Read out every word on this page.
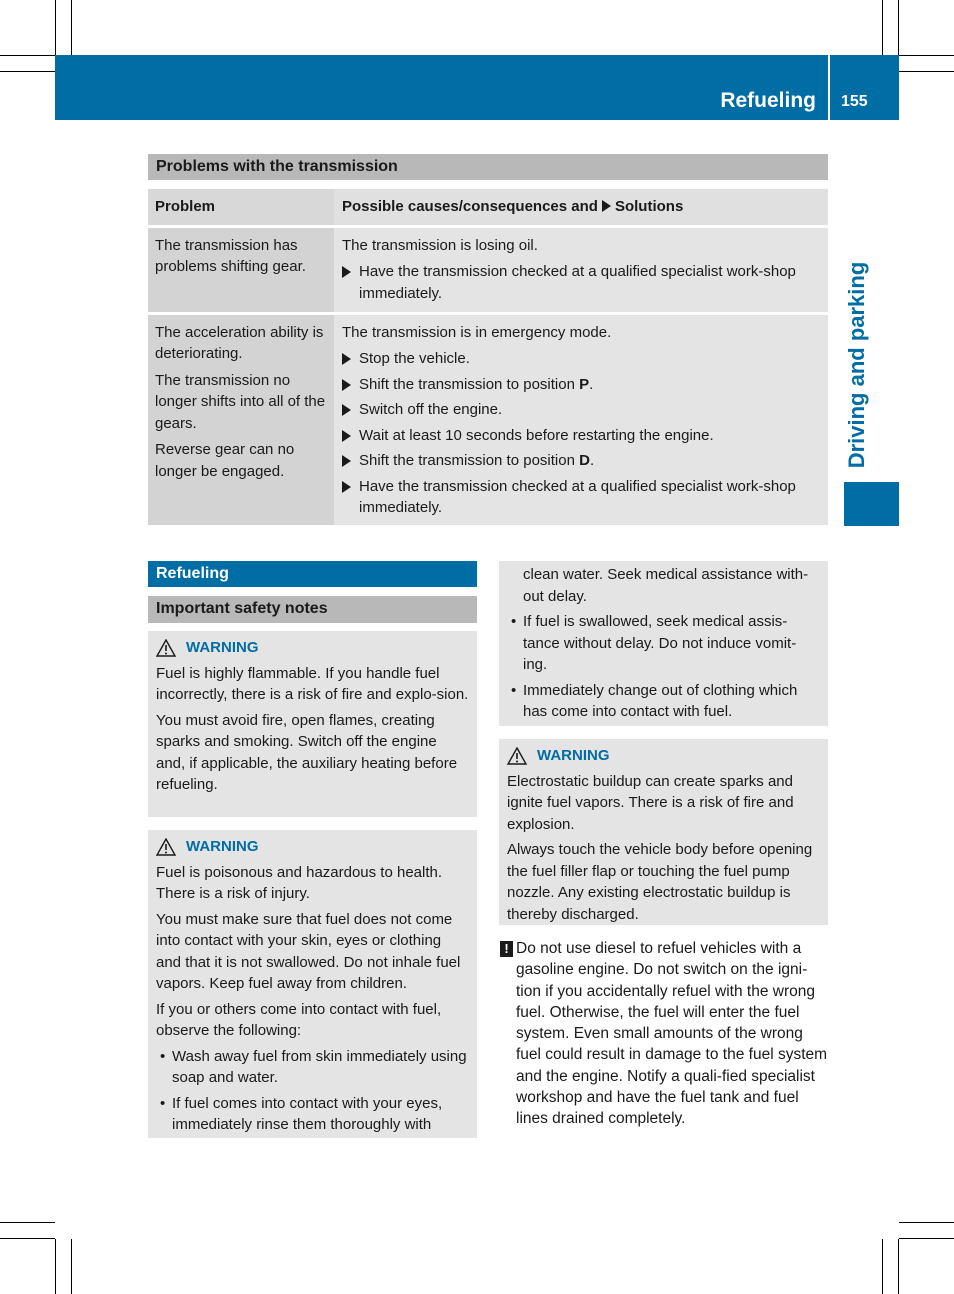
Refueling 155
Driving and parking
Problems with the transmission
Problem	Possible causes/consequences and Solutions

The transmission has problems shifting gear.

The transmission is losing oil.

Have the transmission checked at a qualified specialist work-shop immediately.

The acceleration ability is deteriorating.

The transmission no longer shifts into all of the gears.

Reverse gear can no longer be engaged.

The transmission is in emergency mode.

Stop the vehicle.
Shift the transmission to position P.
Switch off the engine.
Wait at least 10 seconds before restarting the engine.
Shift the transmission to position D.
Have the transmission checked at a qualified specialist work-shop immediately.
Refueling
Important safety notes
WARNING

Fuel is highly flammable. If you handle fuel incorrectly, there is a risk of fire and explo-sion.

You must avoid fire, open flames, creating sparks and smoking. Switch off the engine and, if applicable, the auxiliary heating before refueling.

WARNING

Fuel is poisonous and hazardous to health. There is a risk of injury.

You must make sure that fuel does not come into contact with your skin, eyes or clothing and that it is not swallowed. Do not inhale fuel vapors. Keep fuel away from children.

If you or others come into contact with fuel, observe the following:

• Wash away fuel from skin immediately using soap and water.
• If fuel comes into contact with your eyes, immediately rinse them thoroughly with
clean water. Seek medical assistance with-out delay.
• If fuel is swallowed, seek medical assis-tance without delay. Do not induce vomit-ing.
• Immediately change out of clothing which has come into contact with fuel.
WARNING

Electrostatic buildup can create sparks and ignite fuel vapors. There is a risk of fire and explosion.

Always touch the vehicle body before opening the fuel filler flap or touching the fuel pump nozzle. Any existing electrostatic buildup is thereby discharged.

! Do not use diesel to refuel vehicles with a gasoline engine. Do not switch on the igni-tion if you accidentally refuel with the wrong fuel. Otherwise, the fuel will enter the fuel system. Even small amounts of the wrong fuel could result in damage to the fuel system and the engine. Notify a quali-fied specialist workshop and have the fuel tank and fuel lines drained completely.
